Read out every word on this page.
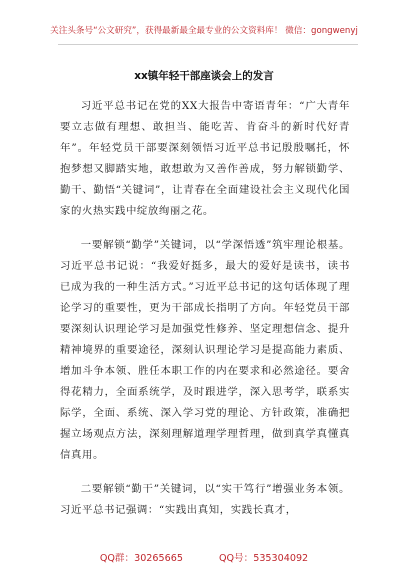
关注头条号“公文研究”，获得最新最全最专业的公文资料库！ 微信：gongwenyj
xx镇年轻干部座谈会上的发言

习近平总书记在党的XX大报告中寄语青年：“广大青年要立志做有理想、敢担当、能吃苦、肯奋斗的新时代好青年”。年轻党员干部要深刻领悟习近平总书记殷殷嘱托，怀抱梦想又脚踏实地，敢想敢为又善作善成，努力解锁勤学、勤干、勤悟“关键词”，让青春在全面建设社会主义现代化国家的火热实践中绽放绚丽之花。

一要解锁“勤学”关键词，以“学深悟透”筑牢理论根基。习近平总书记说：“我爱好挺多，最大的爱好是读书，读书已成为我的一种生活方式。”习近平总书记的这句话体现了理论学习的重要性，更为干部成长指明了方向。年轻党员干部要深刻认识理论学习是加强党性修养、坚定理想信念、提升精神境界的重要途径，深刻认识理论学习是提高能力素质、增加斗争本领、胜任本职工作的内在要求和必然途径。要舍得花精力，全面系统学，及时跟进学，深入思考学，联系实际学，全面、系统、深入学习党的理论、方针政策，准确把握立场观点方法，深刻理解道理学理哲理，做到真学真懂真信真用。

二要解锁“勤干”关键词，以“实干笃行”增强业务本领。习近平总书记强调：“实践出真知，实践长真才，

QQ群：30265665	QQ号：535304092
